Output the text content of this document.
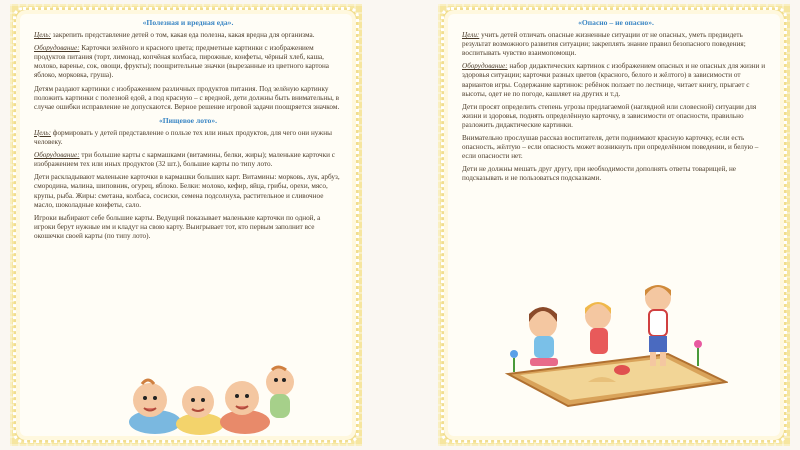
«Полезная и вредная еда».

Цель: закрепить представление детей о том, какая еда полезна, какая вредна для организма.

Оборудование: Карточки зелёного и красного цвета; предметные картинки с изображением продуктов питания (торт, лимонад, копчёная колбаса, пирожные, конфеты, чёрный хлеб, каша, молоко, варенье, сок, овощи, фрукты); поощрительные значки (вырезанные из цветного картона яблоко, морковка, груша).

Детям раздают картинки с изображением различных продуктов питания. Под зелёную картинку положить картинки с полезной едой, а под красную – с вредной, дети должны быть внимательны, в случае ошибки исправление не допускаются. Верное решение игровой задачи поощряется значком.

«Пищевое лото».

Цель: формировать у детей представление о пользе тех или иных продуктов, для чего они нужны человеку.

Оборудование: три большие карты с кармашками (витамины, белки, жиры); маленькие карточки с изображением тех или иных продуктов (32 шт.), большие карты по типу лото.

Дети раскладывают маленькие карточки в кармашки больших карт. Витамины: морковь, лук, арбуз, смородина, малина, шиповник, огурец, яблоко. Белки: молоко, кефир, яйца, грибы, орехи, мясо, крупы, рыба. Жиры: сметана, колбаса, сосиски, семена подсолнуха, растительное и сливочное масло, шоколадные конфеты, сало.

Игроки выбирают себе большие карты. Ведущий показывает маленькие карточки по одной, а игроки берут нужные им и кладут на свою карту. Выигрывает тот, кто первым заполнит все окошечки своей карты (по типу лото).

«Опасно – не опасно».

Цели: учить детей отличать опасные жизненные ситуации от не опасных, уметь предвидеть результат возможного развития ситуации; закреплять знание правил безопасного поведения; воспитывать чувство взаимопомощи.

Оборудование: набор дидактических картинок с изображением опасных и не опасных для жизни и здоровья ситуации; карточки разных цветов (красного, белого и жёлтого) в зависимости от вариантов игры. Содержание картинок: ребёнок ползает по лестнице, читает книгу, прыгает с высоты, одет не по погоде, кашляет на других и т.д.

Дети просят определить степень угрозы предлагаемой (наглядной или словесной) ситуации для жизни и здоровья, поднять определённую карточку, в зависимости от опасности, правильно разложить дидактические картинки.

Внимательно прослушав рассказ воспитателя, дети поднимают красную карточку, если есть опасность, жёлтую – если опасность может возникнуть при определённом поведении, и белую – если опасности нет.

Дети не должны мешать друг другу, при необходимости дополнять ответы товарищей, не подсказывать и не пользоваться подсказками.
